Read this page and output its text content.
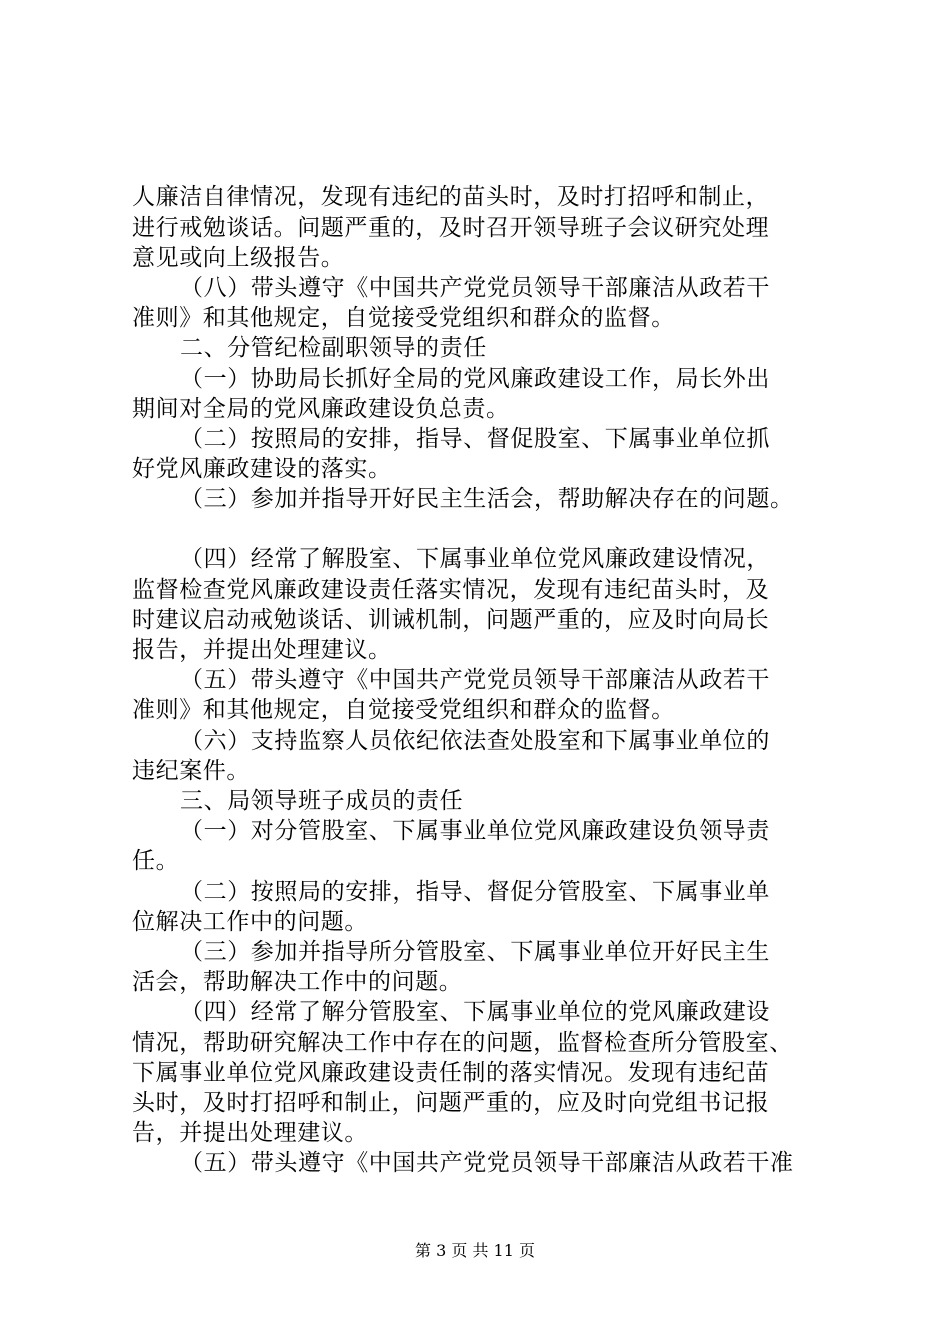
人廉洁自律情况，发现有违纪的苗头时，及时打招呼和制止，
进行戒勉谈话。问题严重的，及时召开领导班子会议研究处理
意见或向上级报告。
（八）带头遵守《中国共产党党员领导干部廉洁从政若干
准则》和其他规定，自觉接受党组织和群众的监督。
二、分管纪检副职领导的责任
（一）协助局长抓好全局的党风廉政建设工作，局长外出
期间对全局的党风廉政建设负总责。
（二）按照局的安排，指导、督促股室、下属事业单位抓
好党风廉政建设的落实。
（三）参加并指导开好民主生活会，帮助解决存在的问题。
（四）经常了解股室、下属事业单位党风廉政建设情况，
监督检查党风廉政建设责任落实情况，发现有违纪苗头时，及
时建议启动戒勉谈话、训诫机制，问题严重的，应及时向局长
报告，并提出处理建议。
（五）带头遵守《中国共产党党员领导干部廉洁从政若干
准则》和其他规定，自觉接受党组织和群众的监督。
（六）支持监察人员依纪依法查处股室和下属事业单位的
违纪案件。
三、局领导班子成员的责任
（一）对分管股室、下属事业单位党风廉政建设负领导责
任。
（二）按照局的安排，指导、督促分管股室、下属事业单
位解决工作中的问题。
（三）参加并指导所分管股室、下属事业单位开好民主生
活会，帮助解决工作中的问题。
（四）经常了解分管股室、下属事业单位的党风廉政建设
情况，帮助研究解决工作中存在的问题，监督检查所分管股室、
下属事业单位党风廉政建设责任制的落实情况。发现有违纪苗
头时，及时打招呼和制止，问题严重的，应及时向党组书记报
告，并提出处理建议。
（五）带头遵守《中国共产党党员领导干部廉洁从政若干准
第 3 页 共 11 页
